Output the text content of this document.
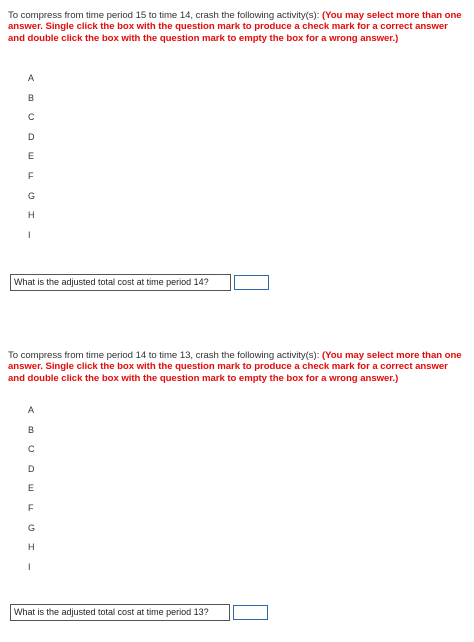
To compress from time period 15 to time 14, crash the following activity(s): (You may select more than one answer. Single click the box with the question mark to produce a check mark for a correct answer and double click the box with the question mark to empty the box for a wrong answer.)

A
B
C
D
E
F
G
H
I
What is the adjusted total cost at time period 14?

To compress from time period 14 to time 13, crash the following activity(s): (You may select more than one answer. Single click the box with the question mark to produce a check mark for a correct answer and double click the box with the question mark to empty the box for a wrong answer.)

A
B
C
D
E
F
G
H
I
What is the adjusted total cost at time period 13?
